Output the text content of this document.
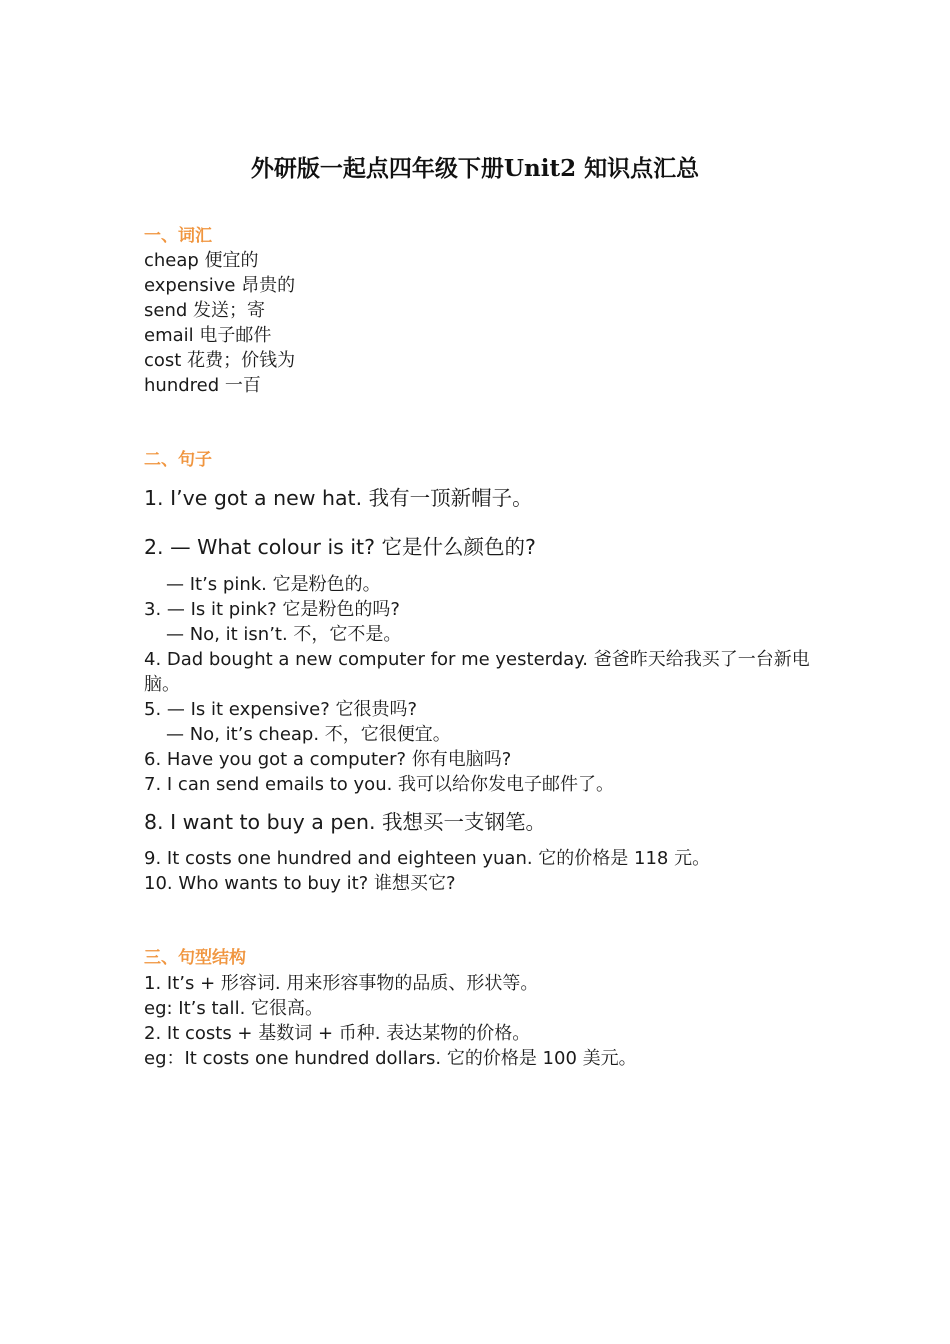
外研版一起点四年级下册Unit2 知识点汇总
一、词汇
cheap 便宜的
expensive 昂贵的
send 发送；寄
email 电子邮件
cost 花费；价钱为
hundred 一百
二、句子
1. I’ve got a new hat. 我有一顶新帽子。
2. — What colour is it? 它是什么颜色的?
— It’s pink. 它是粉色的。
3. — Is it pink? 它是粉色的吗?
— No, it isn’t. 不，它不是。
4. Dad bought a new computer for me yesterday. 爸爸昨天给我买了一台新电脑。
5. — Is it expensive? 它很贵吗?
— No, it’s cheap. 不，它很便宜。
6. Have you got a computer? 你有电脑吗?
7. I can send emails to you. 我可以给你发电子邮件了。
8. I want to buy a pen. 我想买一支钢笔。
9. It costs one hundred and eighteen yuan. 它的价格是 118 元。
10. Who wants to buy it? 谁想买它?
三、句型结构
1. It’s + 形容词. 用来形容事物的品质、形状等。
eg: It’s tall. 它很高。
2. It costs + 基数词 + 币种. 表达某物的价格。
eg：It costs one hundred dollars. 它的价格是 100 美元。
